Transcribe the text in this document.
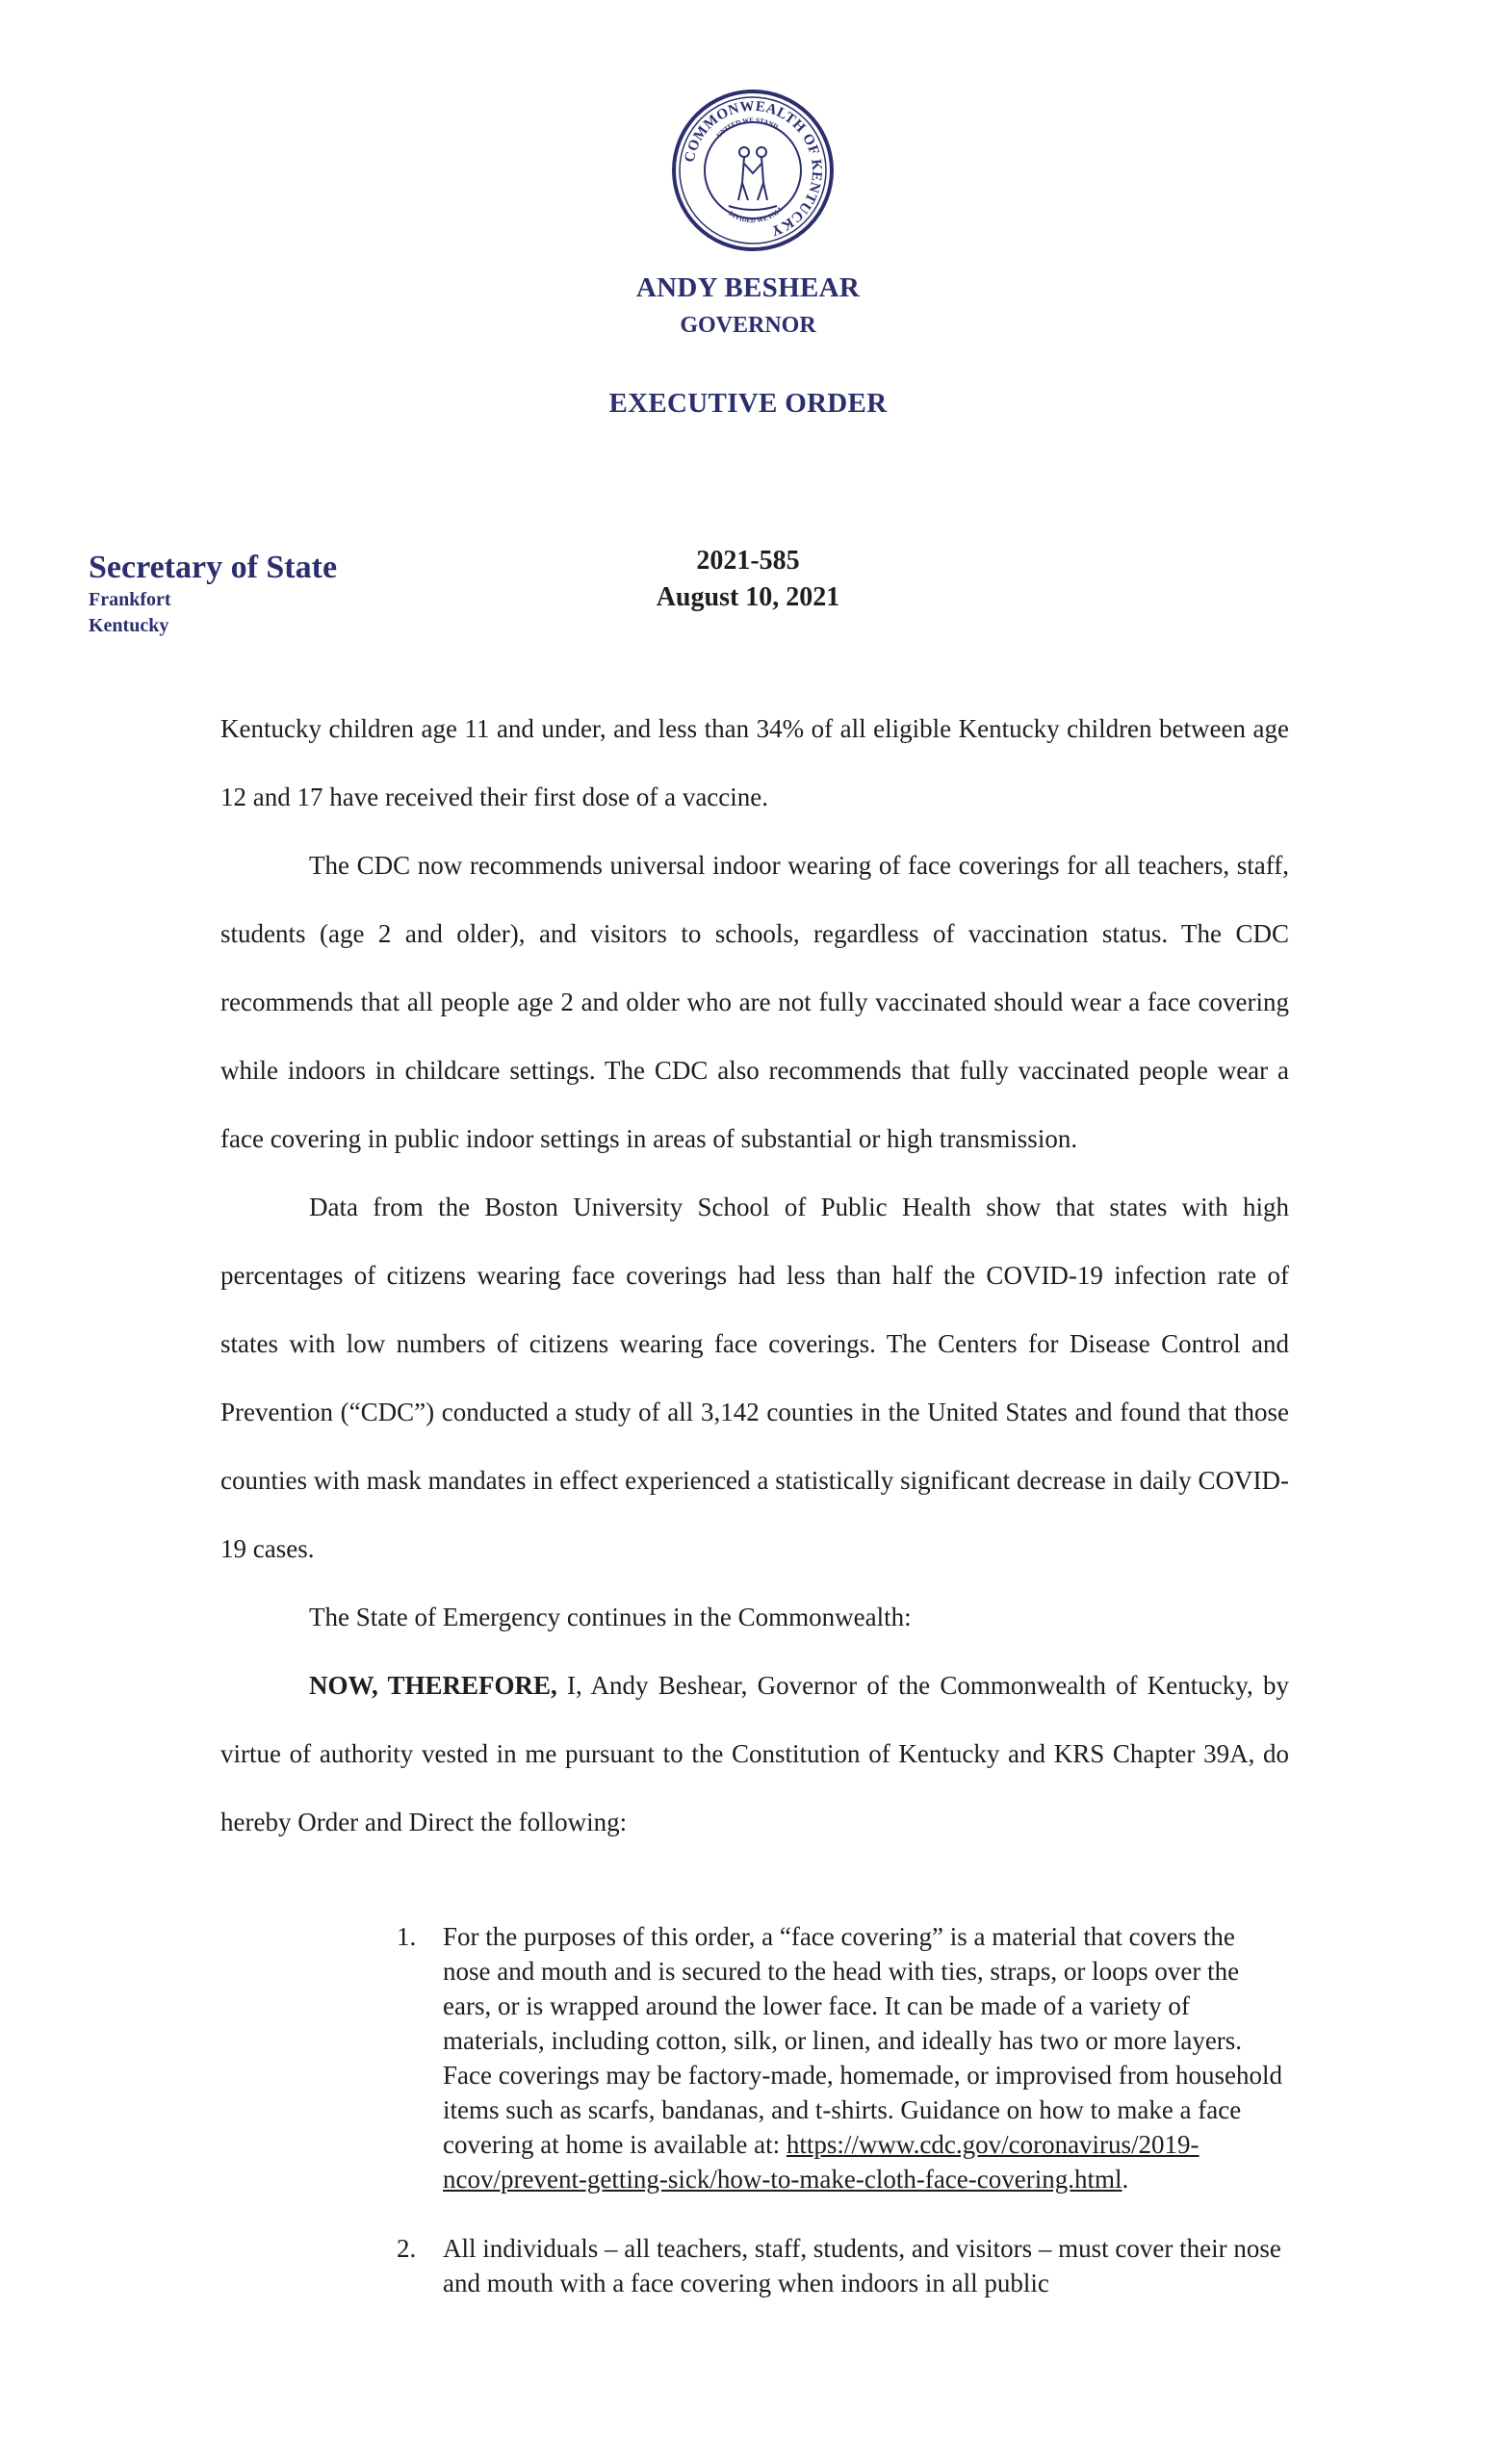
COMMONWEALTH OF KENTUCKY
UNITED WE STAND
DIVIDED WE FALL
ANDY BESHEAR
GOVERNOR
EXECUTIVE ORDER
Secretary of State
Frankfort
Kentucky
2021-585
August 10, 2021

Kentucky children age 11 and under, and less than 34% of all eligible Kentucky children between age 12 and 17 have received their first dose of a vaccine.

The CDC now recommends universal indoor wearing of face coverings for all teachers, staff, students (age 2 and older), and visitors to schools, regardless of vaccination status. The CDC recommends that all people age 2 and older who are not fully vaccinated should wear a face covering while indoors in childcare settings. The CDC also recommends that fully vaccinated people wear a face covering in public indoor settings in areas of substantial or high transmission.

Data from the Boston University School of Public Health show that states with high percentages of citizens wearing face coverings had less than half the COVID-19 infection rate of states with low numbers of citizens wearing face coverings. The Centers for Disease Control and Prevention (“CDC”) conducted a study of all 3,142 counties in the United States and found that those counties with mask mandates in effect experienced a statistically significant decrease in daily COVID-19 cases.

The State of Emergency continues in the Commonwealth:

NOW, THEREFORE, I, Andy Beshear, Governor of the Commonwealth of Kentucky, by virtue of authority vested in me pursuant to the Constitution of Kentucky and KRS Chapter 39A, do hereby Order and Direct the following:

1. For the purposes of this order, a “face covering” is a material that covers the nose and mouth and is secured to the head with ties, straps, or loops over the ears, or is wrapped around the lower face. It can be made of a variety of materials, including cotton, silk, or linen, and ideally has two or more layers. Face coverings may be factory-made, homemade, or improvised from household items such as scarfs, bandanas, and t-shirts. Guidance on how to make a face covering at home is available at: https://www.cdc.gov/coronavirus/2019-ncov/prevent-getting-sick/how-to-make-cloth-face-covering.html.
2. All individuals – all teachers, staff, students, and visitors – must cover their nose and mouth with a face covering when indoors in all public
